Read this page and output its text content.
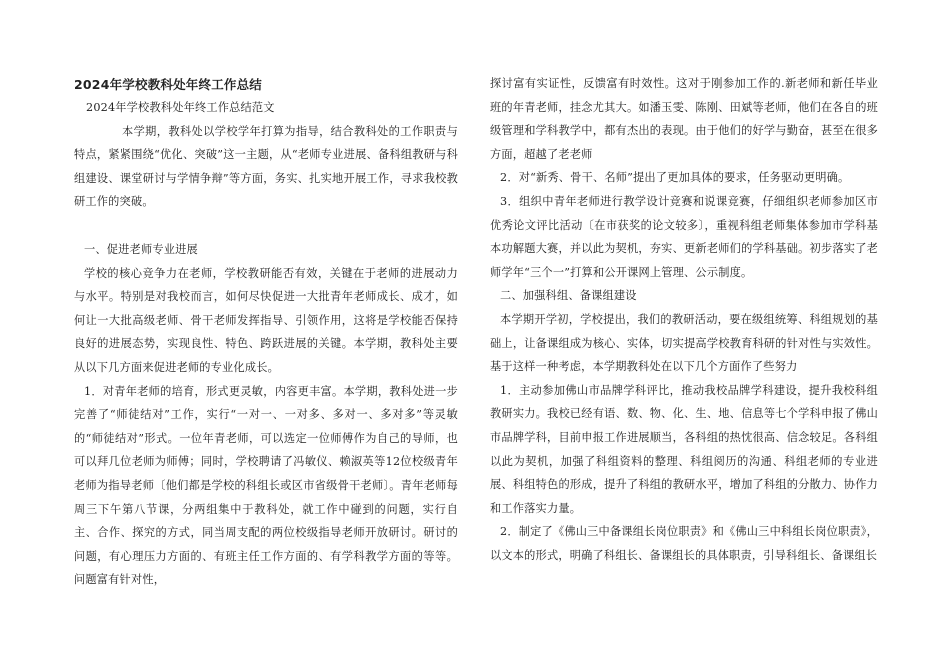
2024年学校教科处年终工作总结

2024年学校教科处年终工作总结范文

本学期，教科处以学校学年打算为指导，结合教科处的工作职责与特点，紧紧围绕“优化、突破”这一主题，从“老师专业进展、备科组教研与科组建设、课堂研讨与学情争辩”等方面，务实、扎实地开展工作，寻求我校教研工作的突破。

一、促进老师专业进展

学校的核心竞争力在老师，学校教研能否有效，关键在于老师的进展动力与水平。特别是对我校而言，如何尽快促进一大批青年老师成长、成才，如何让一大批高级老师、骨干老师发挥指导、引领作用，这将是学校能否保持良好的进展态势，实现良性、特色、跨跃进展的关键。本学期，教科处主要从以下几方面来促进老师的专业化成长。

1．对青年老师的培育，形式更灵敏，内容更丰富。本学期，教科处进一步完善了“师徒结对”工作，实行“一对一、一对多、多对一、多对多”等灵敏的“师徒结对”形式。一位年青老师，可以选定一位师傅作为自己的导师，也可以拜几位老师为师傅；同时，学校聘请了冯敏仪、赖淑英等12位校级青年老师为指导老师〔他们都是学校的科组长或区市省级骨干老师〕。青年老师每周三下午第八节课，分两组集中于教科处，就工作中碰到的问题，实行自主、合作、探究的方式，同当周支配的两位校级指导老师开放研讨。研讨的问题，有心理压力方面的、有班主任工作方面的、有学科教学方面的等等。问题富有针对性，

探讨富有实证性，反馈富有时效性。这对于刚参加工作的.新老师和新任毕业班的年青老师，挂念尤其大。如潘玉雯、陈刚、田斌等老师，他们在各自的班级管理和学科教学中，都有杰出的表现。由于他们的好学与勤奋，甚至在很多方面，超越了老老师

2．对“新秀、骨干、名师”提出了更加具体的要求，任务驱动更明确。

3．组织中青年老师进行教学设计竞赛和说课竞赛，仔细组织老师参加区市优秀论文评比活动〔在市获奖的论文较多〕，重视科组老师集体参加市学科基本功解题大赛，并以此为契机，夯实、更新老师们的学科基础。初步落实了老师学年“三个一”打算和公开课网上管理、公示制度。

二、加强科组、备课组建设

本学期开学初，学校提出，我们的教研活动，要在级组统筹、科组规划的基础上，让备课组成为核心、实体，切实提高学校教育科研的针对性与实效性。基于这样一种考虑，本学期教科处在以下几个方面作了些努力

1．主动参加佛山市品牌学科评比，推动我校品牌学科建设，提升我校科组教研实力。我校已经有语、数、物、化、生、地、信息等七个学科申报了佛山市品牌学科，目前申报工作进展顺当，各科组的热忱很高、信念较足。各科组以此为契机，加强了科组资料的整理、科组阅历的沟通、科组老师的专业进展、科组特色的形成，提升了科组的教研水平，增加了科组的分散力、协作力和工作落实力量。

2．制定了《佛山三中备课组长岗位职责》和《佛山三中科组长岗位职责》，以文本的形式，明确了科组长、备课组长的具体职责，引导科组长、备课组长
